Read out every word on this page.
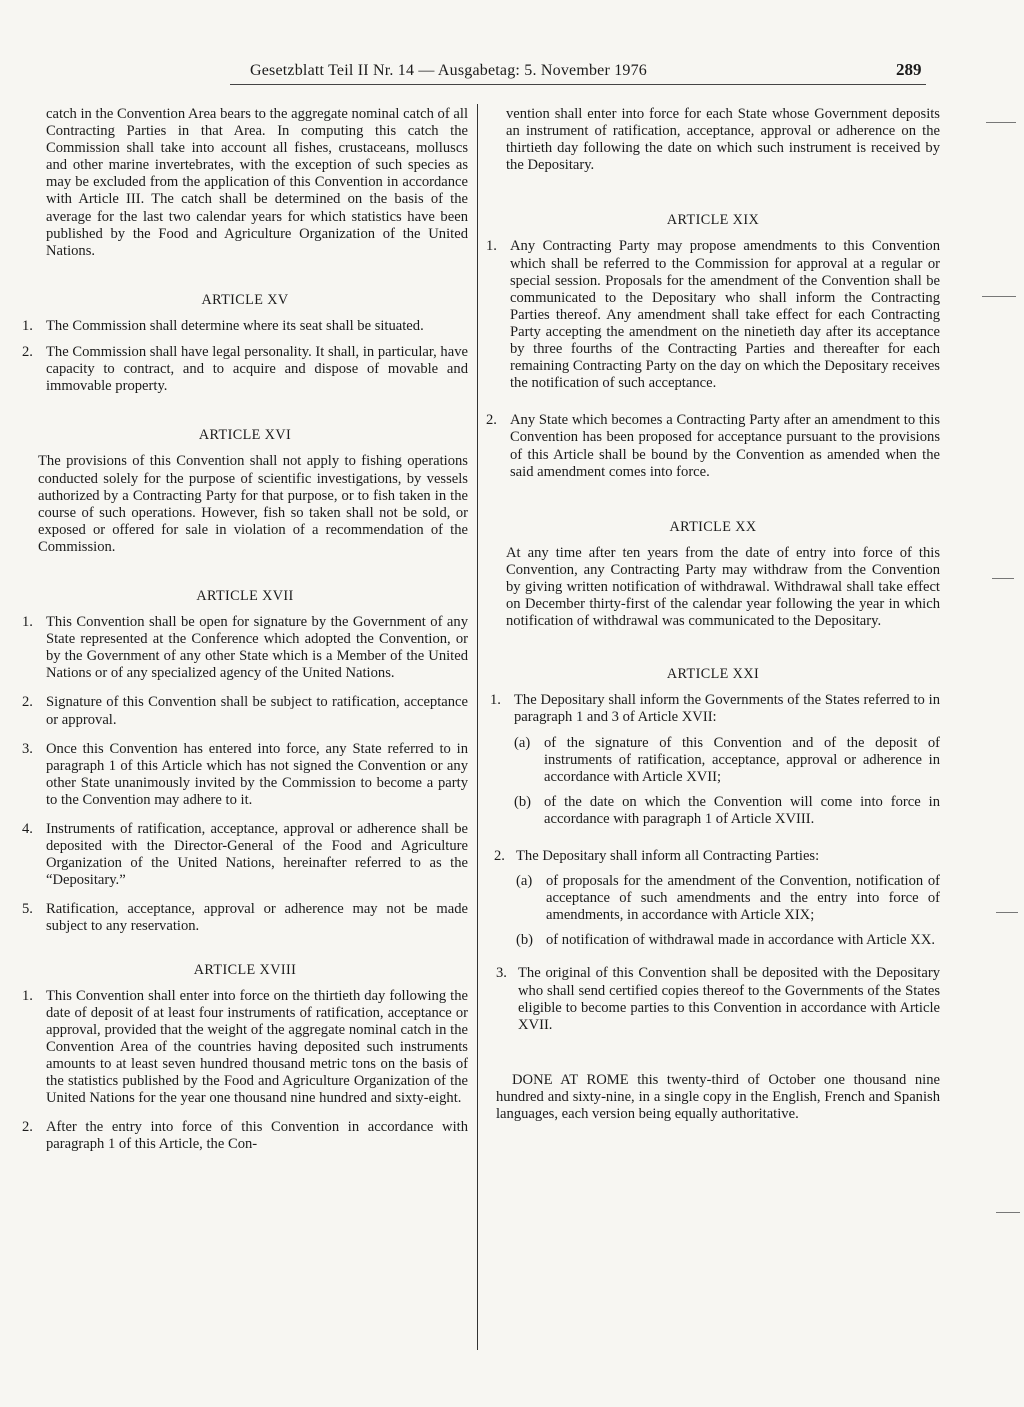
Gesetzblatt Teil II Nr. 14 — Ausgabetag: 5. November 1976	289

catch in the Convention Area bears to the aggregate nominal catch of all Contracting Parties in that Area. In computing this catch the Commission shall take into account all fishes, crustaceans, molluscs and other marine invertebrates, with the exception of such species as may be excluded from the application of this Convention in accordance with Article III. The catch shall be determined on the basis of the average for the last two calendar years for which statistics have been published by the Food and Agriculture Organization of the United Nations.

ARTICLE XV
1. The Commission shall determine where its seat shall be situated.
2. The Commission shall have legal personality. It shall, in particular, have capacity to contract, and to acquire and dispose of movable and immovable property.
ARTICLE XVI

The provisions of this Convention shall not apply to fishing operations conducted solely for the purpose of scientific investigations, by vessels authorized by a Contracting Party for that purpose, or to fish taken in the course of such operations. However, fish so taken shall not be sold, or exposed or offered for sale in violation of a recommendation of the Commission.

ARTICLE XVII
1. This Convention shall be open for signature by the Government of any State represented at the Conference which adopted the Convention, or by the Government of any other State which is a Member of the United Nations or of any specialized agency of the United Nations.
2. Signature of this Convention shall be subject to ratification, acceptance or approval.
3. Once this Convention has entered into force, any State referred to in paragraph 1 of this Article which has not signed the Convention or any other State unanimously invited by the Commission to become a party to the Convention may adhere to it.
4. Instruments of ratification, acceptance, approval or adherence shall be deposited with the Director-General of the Food and Agriculture Organization of the United Nations, hereinafter referred to as the “Depositary.”
5. Ratification, acceptance, approval or adherence may not be made subject to any reservation.
ARTICLE XVIII
1. This Convention shall enter into force on the thirtieth day following the date of deposit of at least four instruments of ratification, acceptance or approval, provided that the weight of the aggregate nominal catch in the Convention Area of the countries having deposited such instruments amounts to at least seven hundred thousand metric tons on the basis of the statistics published by the Food and Agriculture Organization of the United Nations for the year one thousand nine hundred and sixty-eight.
2. After the entry into force of this Convention in accordance with paragraph 1 of this Article, the Con-

vention shall enter into force for each State whose Government deposits an instrument of ratification, acceptance, approval or adherence on the thirtieth day following the date on which such instrument is received by the Depositary.

ARTICLE XIX
1. Any Contracting Party may propose amendments to this Convention which shall be referred to the Commission for approval at a regular or special session. Proposals for the amendment of the Convention shall be communicated to the Depositary who shall inform the Contracting Parties thereof. Any amendment shall take effect for each Contracting Party accepting the amendment on the ninetieth day after its acceptance by three fourths of the Contracting Parties and thereafter for each remaining Contracting Party on the day on which the Depositary receives the notification of such acceptance.
2. Any State which becomes a Contracting Party after an amendment to this Convention has been proposed for acceptance pursuant to the provisions of this Article shall be bound by the Convention as amended when the said amendment comes into force.
ARTICLE XX

At any time after ten years from the date of entry into force of this Convention, any Contracting Party may withdraw from the Convention by giving written notification of withdrawal. Withdrawal shall take effect on December thirty-first of the calendar year following the year in which notification of withdrawal was communicated to the Depositary.

ARTICLE XXI
1. The Depositary shall inform the Governments of the States referred to in paragraph 1 and 3 of Article XVII:
(a) of the signature of this Convention and of the deposit of instruments of ratification, acceptance, approval or adherence in accordance with Article XVII;
(b) of the date on which the Convention will come into force in accordance with paragraph 1 of Article XVIII.
2. The Depositary shall inform all Contracting Parties:
(a) of proposals for the amendment of the Convention, notification of acceptance of such amendments and the entry into force of amendments, in accordance with Article XIX;
(b) of notification of withdrawal made in accordance with Article XX.
3. The original of this Convention shall be deposited with the Depositary who shall send certified copies thereof to the Governments of the States eligible to become parties to this Convention in accordance with Article XVII.

DONE AT ROME this twenty-third of October one thousand nine hundred and sixty-nine, in a single copy in the English, French and Spanish languages, each version being equally authoritative.
